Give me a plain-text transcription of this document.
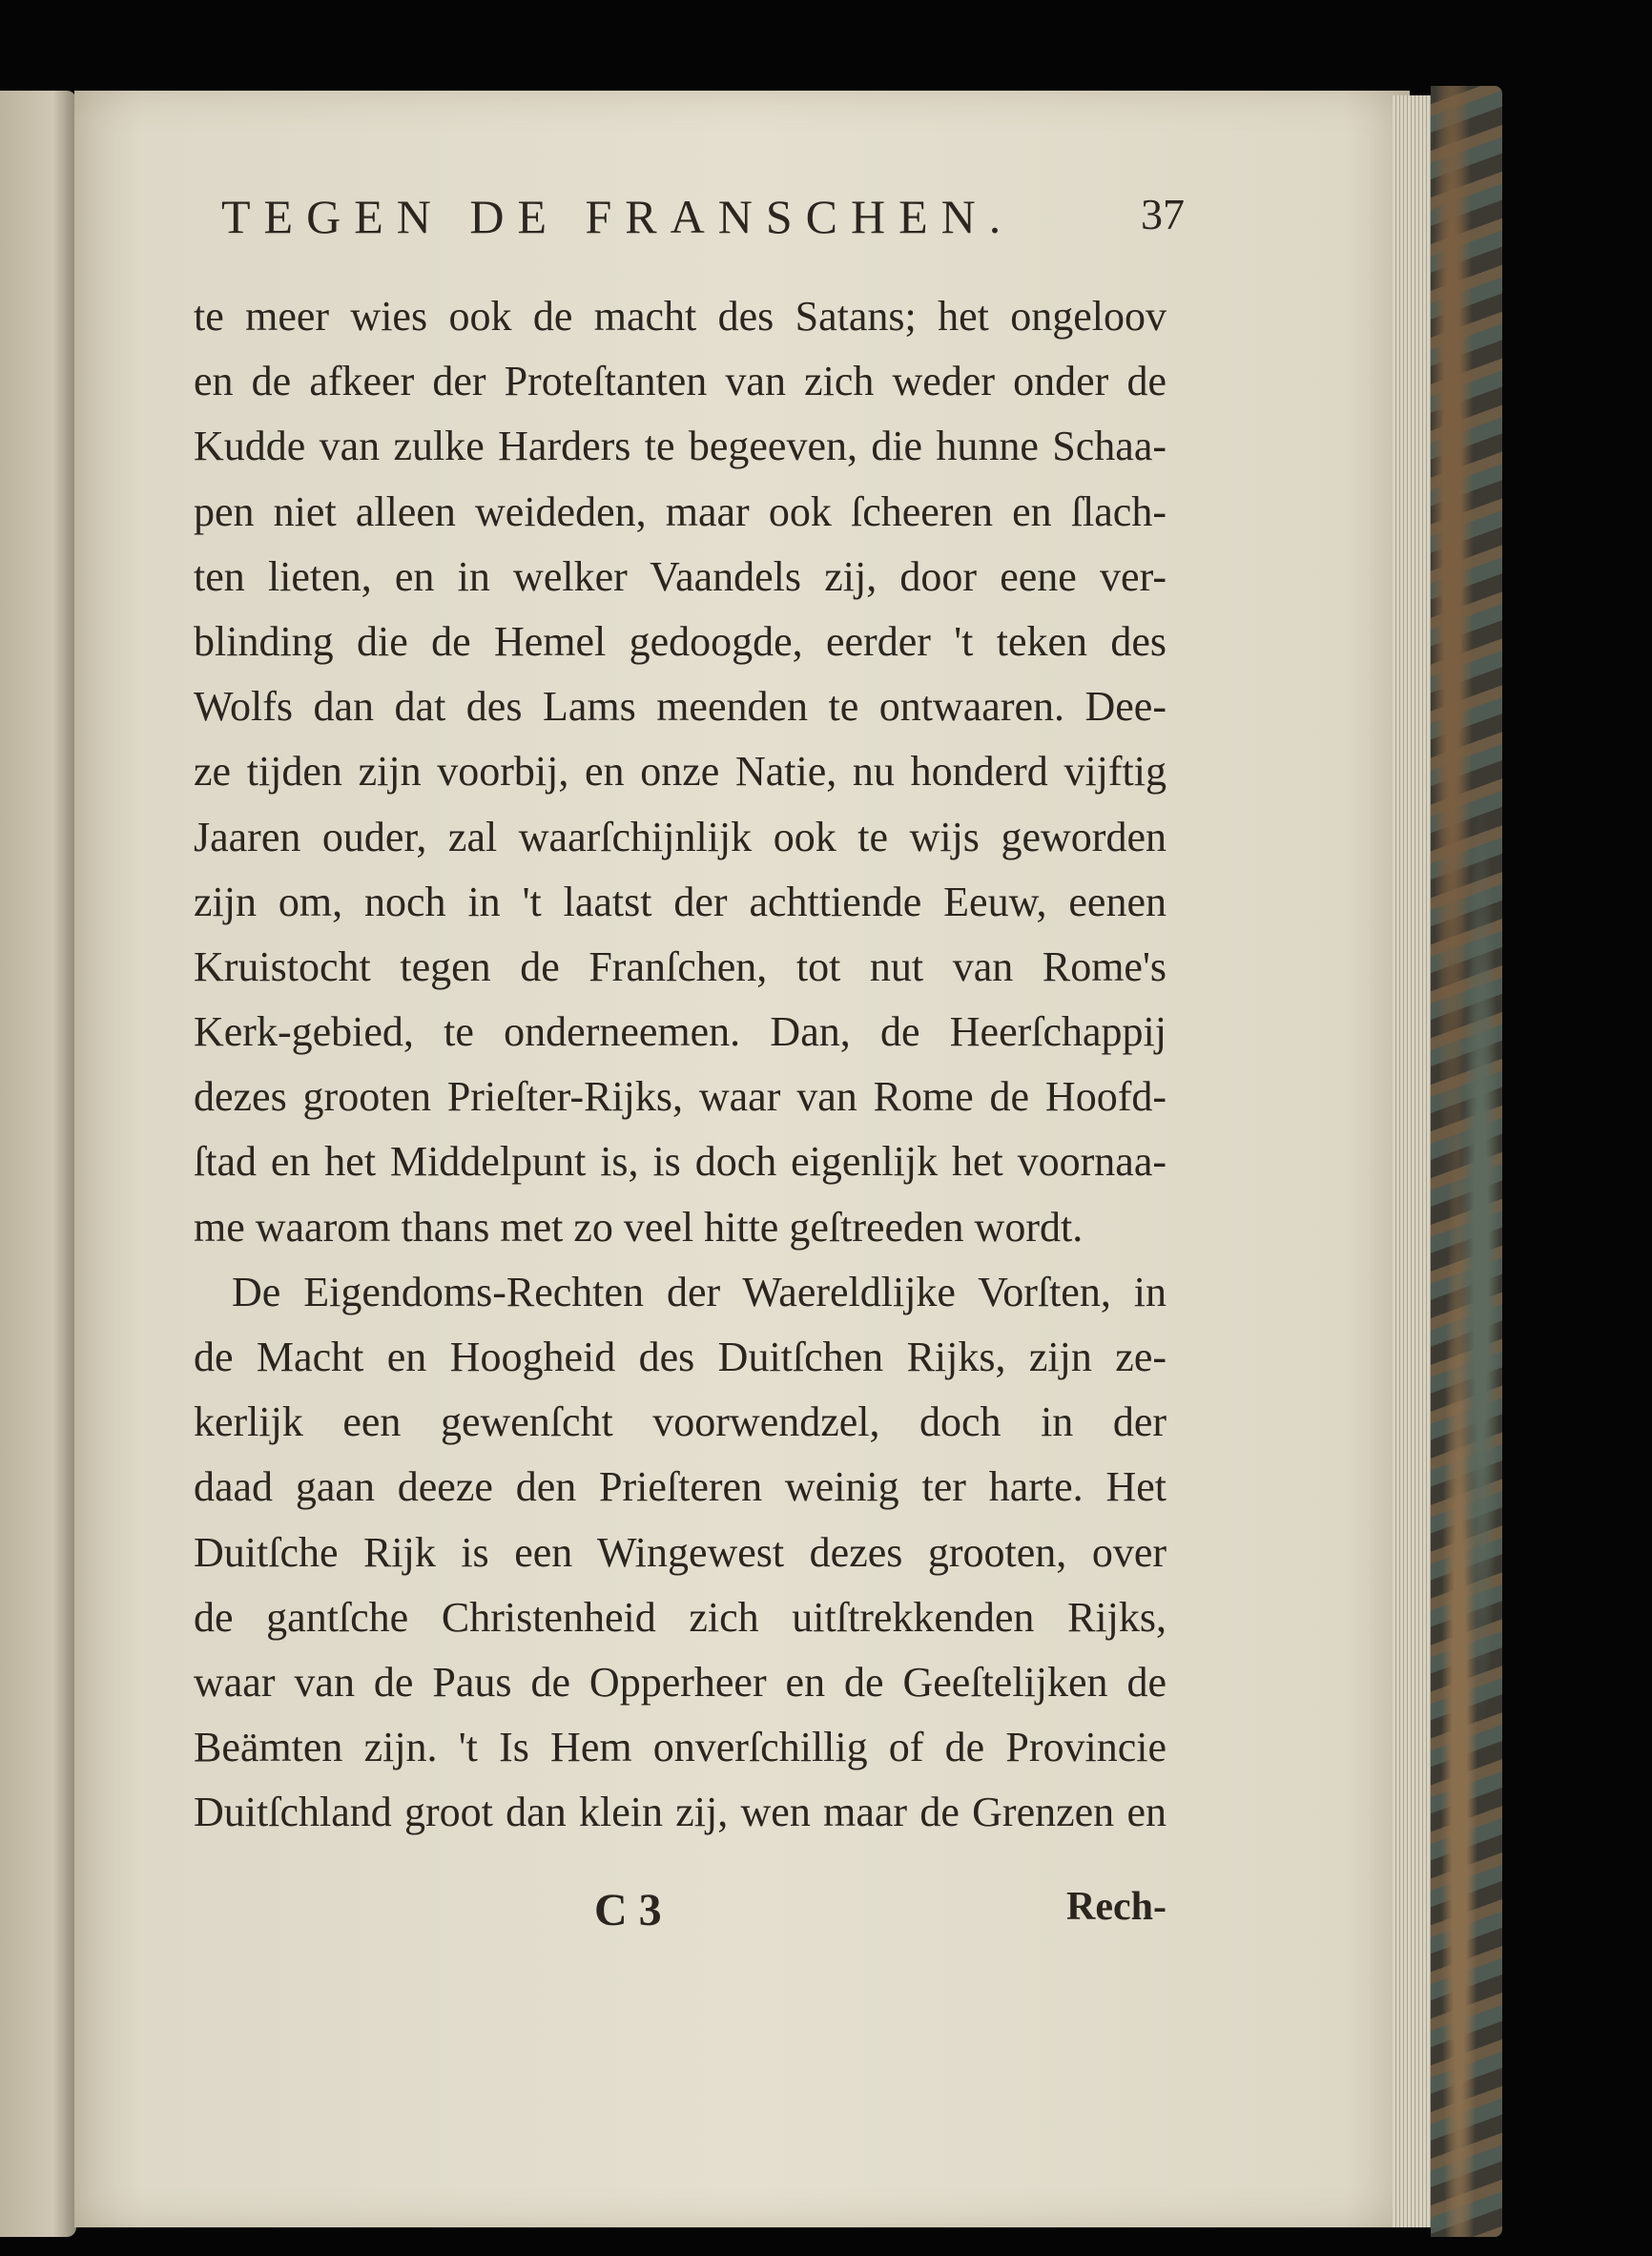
TEGEN DE FRANSCHEN.	37
te meer wies ook de macht des Satans; het ongeloov
en de afkeer der Proteſtanten van zich weder onder de
Kudde van zulke Harders te begeeven, die hunne Schaa-
pen niet alleen weideden, maar ook ſcheeren en ſlach-
ten lieten, en in welker Vaandels zij, door eene ver-
blinding die de Hemel gedoogde, eerder 't teken des
Wolfs dan dat des Lams meenden te ontwaaren. Dee-
ze tijden zijn voorbij, en onze Natie, nu honderd vijftig
Jaaren ouder, zal waarſchijnlijk ook te wijs geworden
zijn om, noch in 't laatst der achttiende Eeuw, eenen
Kruistocht tegen de Franſchen, tot nut van Rome's
Kerk-gebied, te onderneemen. Dan, de Heerſchappij
dezes grooten Prieſter-Rijks, waar van Rome de Hoofd-
ſtad en het Middelpunt is, is doch eigenlijk het voornaa-
me waarom thans met zo veel hitte geſtreeden wordt.
De Eigendoms-Rechten der Waereldlijke Vorſten, in
de Macht en Hoogheid des Duitſchen Rijks, zijn ze-
kerlijk een gewenſcht voorwendzel, doch in der
daad gaan deeze den Prieſteren weinig ter harte. Het
Duitſche Rijk is een Wingewest dezes grooten, over
de gantſche Christenheid zich uitſtrekkenden Rijks,
waar van de Paus de Opperheer en de Geeſtelijken de
Beämten zijn. 't Is Hem onverſchillig of de Provincie
Duitſchland groot dan klein zij, wen maar de Grenzen en
C 3	Rech-
